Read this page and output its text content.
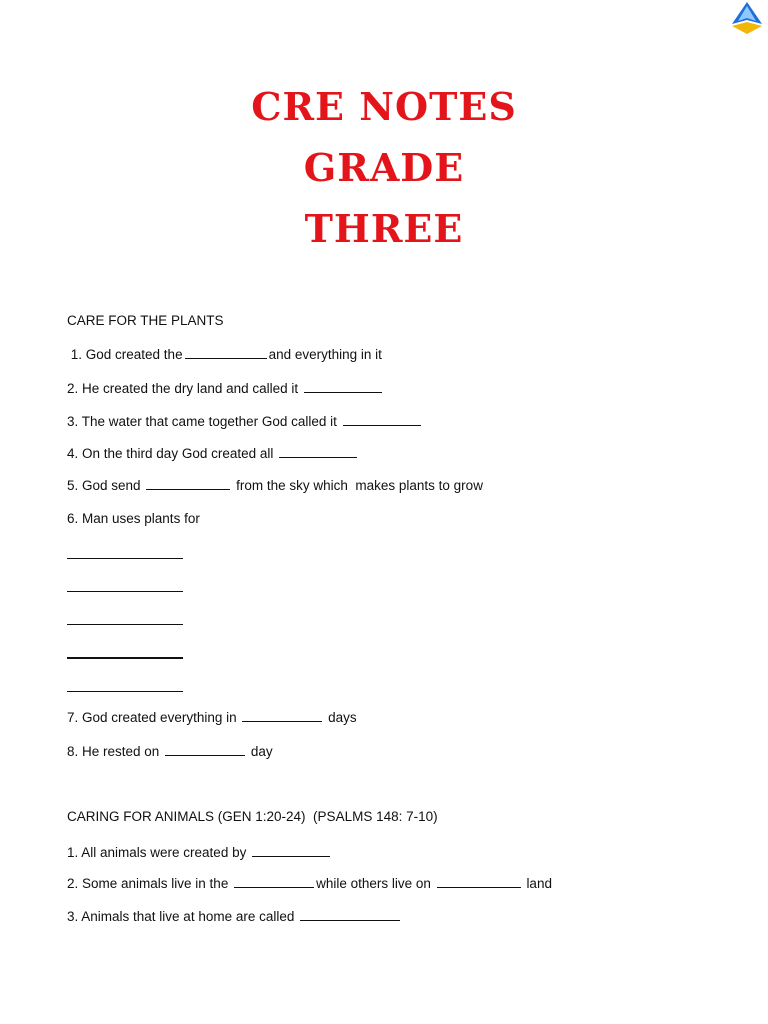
CRE NOTES
GRADE
THREE
CARE FOR THE PLANTS
1. God created the	and everything in it
2. He created the dry land and called it
3. The water that came together God called it
4. On the third day God created all
5. God send	from the sky which  makes plants to grow
6. Man uses plants for
7. God created everything in	days
8. He rested on	day
CARING FOR ANIMALS (GEN 1:20-24)  (PSALMS 148: 7-10)
1. All animals were created by
2. Some animals live in the	while others live on	land
3. Animals that live at home are called
